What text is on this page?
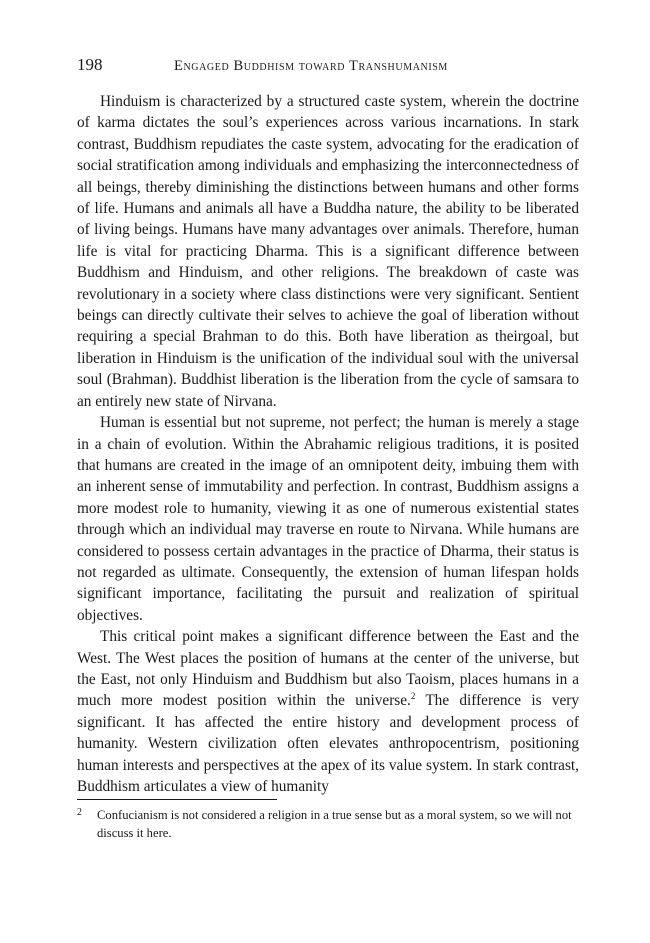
198	Engaged Buddhism toward Transhumanism

Hinduism is characterized by a structured caste system, wherein the doctrine of karma dictates the soul’s experiences across various incarnations. In stark contrast, Buddhism repudiates the caste system, advocating for the eradication of social stratification among individuals and emphasizing the interconnectedness of all beings, thereby diminishing the distinctions between humans and other forms of life. Humans and animals all have a Buddha nature, the ability to be liberated of living beings. Humans have many advantages over animals. Therefore, human life is vital for practicing Dharma. This is a significant difference between Buddhism and Hinduism, and other religions. The breakdown of caste was revolutionary in a society where class distinctions were very significant. Sentient beings can directly cultivate their selves to achieve the goal of liberation without requiring a special Brahman to do this. Both have liberation as theirgoal, but liberation in Hinduism is the unification of the individual soul with the universal soul (Brahman). Buddhist liberation is the liberation from the cycle of samsara to an entirely new state of Nirvana.

Human is essential but not supreme, not perfect; the human is merely a stage in a chain of evolution. Within the Abrahamic religious traditions, it is posited that humans are created in the image of an omnipotent deity, imbuing them with an inherent sense of immutability and perfection. In contrast, Buddhism assigns a more modest role to humanity, viewing it as one of numerous existential states through which an individual may traverse en route to Nirvana. While humans are considered to possess certain advantages in the practice of Dharma, their status is not regarded as ultimate. Consequently, the extension of human lifespan holds significant importance, facilitating the pursuit and realization of spiritual objectives.

This critical point makes a significant difference between the East and the West. The West places the position of humans at the center of the universe, but the East, not only Hinduism and Buddhism but also Taoism, places humans in a much more modest position within the universe.$^2$ The difference is very significant. It has affected the entire history and development process of humanity. Western civilization often elevates anthropocentrism, positioning human interests and perspectives at the apex of its value system. In stark contrast, Buddhism articulates a view of humanity

2 Confucianism is not considered a religion in a true sense but as a moral system, so we will not discuss it here.
